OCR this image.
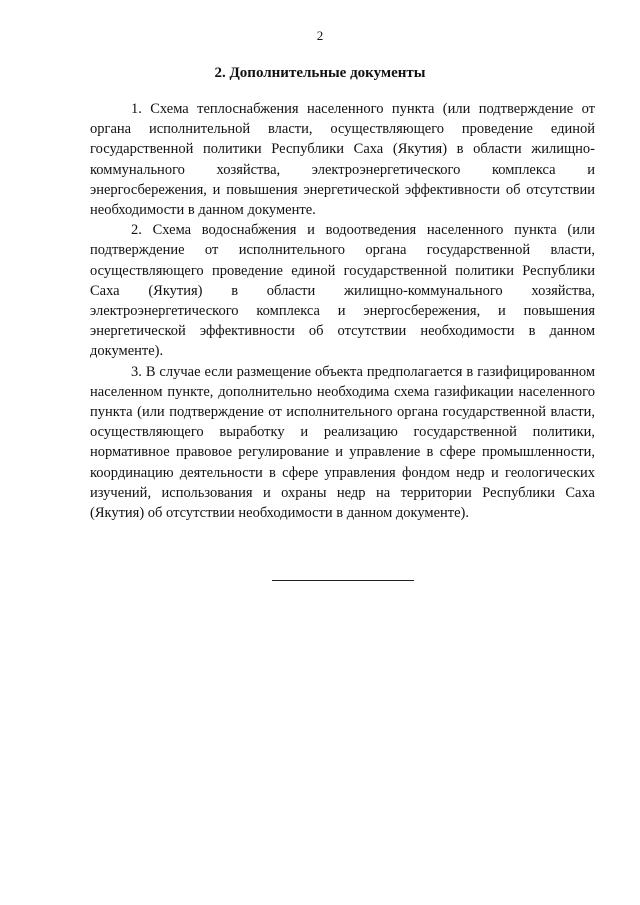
2
2. Дополнительные документы

1. Схема теплоснабжения населенного пункта (или подтверждение от органа исполнительной власти, осуществляющего проведение единой государственной политики Республики Саха (Якутия) в области жилищно-коммунального хозяйства, электроэнергетического комплекса и энергосбережения, и повышения энергетической эффективности об отсутствии необходимости в данном документе.

2. Схема водоснабжения и водоотведения населенного пункта (или подтверждение от исполнительного органа государственной власти, осуществляющего проведение единой государственной политики Республики Саха (Якутия) в области жилищно-коммунального хозяйства, электроэнергетического комплекса и энергосбережения, и повышения энергетической эффективности об отсутствии необходимости в данном документе).

3. В случае если размещение объекта предполагается в газифицированном населенном пункте, дополнительно необходима схема газификации населенного пункта (или подтверждение от исполнительного органа государственной власти, осуществляющего выработку и реализацию государственной политики, нормативное правовое регулирование и управление в сфере промышленности, координацию деятельности в сфере управления фондом недр и геологических изучений, использования и охраны недр на территории Республики Саха (Якутия) об отсутствии необходимости в данном документе).
